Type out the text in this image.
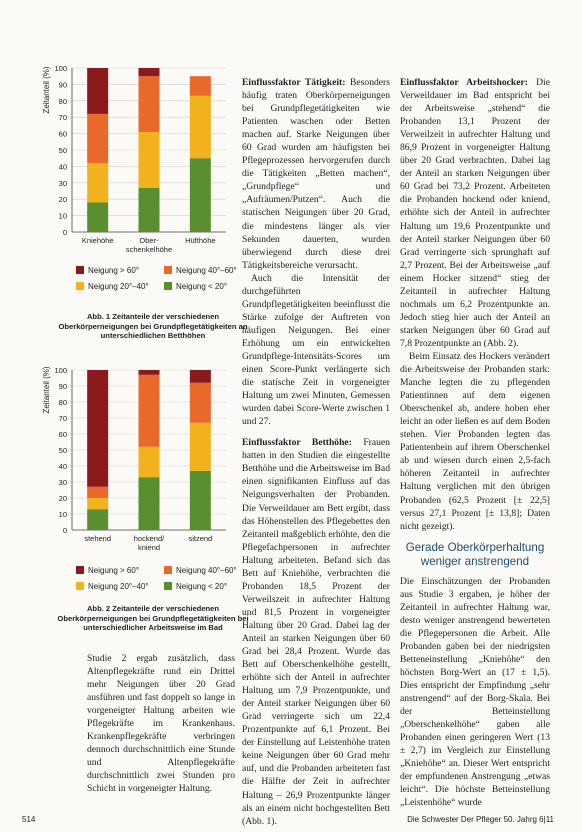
0
10
20
30
40
50
60
70
80
90
100
Zeitanteil (%)
Kniehöhe	Ober-
schenkelhöhe
Hüfthöhe
Neigung > 60°	Neigung 40°–60°
Neigung 20°–40°	Neigung < 20°
Abb. 1 Zeitanteile der verschiedenen Oberkörperneigungen bei Grundpflegetätigkeiten an unterschiedlichen Betthöhen
0
10
20
30
40
50
60
70
80
90
100
Zeitanteil (%)
stehend	hockend/
kniend
sitzend
Neigung > 60°	Neigung 40°–60°
Neigung 20°–40°	Neigung < 20°
Abb. 2 Zeitanteile der verschiedenen Oberkörperneigungen bei Grundpflegetätigkeiten bei unterschiedlicher Arbeitsweise im Bad

Studie 2 ergab zusätzlich, dass Altenpflegekräfte rund ein Drittel mehr Neigungen über 20 Grad ausführen und fast doppelt so lange in vorgeneigter Haltung arbeiten wie Pflegekräfte im Krankenhaus. Krankenpflegekräfte verbringen dennoch durchschnittlich eine Stunde und Altenpflegekräfte durchschnittlich zwei Stunden pro Schicht in vorgeneigter Haltung.

Einflussfaktor Tätigkeit: Besonders häufig traten Oberkörperneigungen bei Grundpflegetätigkeiten wie Patienten waschen oder Betten machen auf. Starke Neigungen über 60 Grad wurden am häufigsten bei Pflegeprozessen hervorgerufen durch die Tätigkeiten „Betten machen“, „Grundpflege“ und „Aufräumen/Putzen“. Auch die statischen Neigungen über 20 Grad, die mindestens länger als vier Sekunden dauerten, wurden überwiegend durch diese drei Tätigkeitsbereiche verursacht.

Auch die Intensität der durchgeführten Grundpflegetätigkeiten beeinflusst die Stärke zufolge der Auftreten von häufigen Neigungen. Bei einer Erhöhung um ein entwickelten Grundpflege-Intensitäts-Scores um einen Score-Punkt verlängerte sich die statische Zeit in vorgeneigter Haltung um zwei Minuten, Gemessen wurden dabei Score-Werte zwischen 1 und 27.

Einflussfaktor Betthöhe: Frauen hatten in den Studien die eingestellte Betthöhe und die Arbeitsweise im Bad einen signifikanten Einfluss auf das Neigungsverhalten der Probanden. Die Verweildauer am Bett ergibt, dass das Höhenstellen des Pflegebettes den Zeitanteil maßgeblich erhöhte, den die Pflegefachpersonen in aufrechter Haltung arbeiteten. Befand sich das Bett auf Kniehöhe, verbrachten die Probanden 18,5 Prozent der Verweilszeit in aufrechter Haltung und 81,5 Prozent in vorgeneigter Haltung über 20 Grad. Dabei lag der Anteil an starken Neigungen über 60 Grad bei 28,4 Prozent. Wurde das Bett auf Oberschenkelhöhe gestellt, erhöhte sich der Anteil in aufrechter Haltung um 7,9 Prozentpunkte, und der Anteil starker Neigungen über 60 Grad verringerte sich um 22,4 Prozentpunkte auf 6,1 Prozent. Bei der Einstellung auf Leistenhöhe traten keine Neigungen über 60 Grad mehr auf, und die Probanden arbeiteten fast die Hälfte der Zeit in aufrechter Haltung – 26,9 Prozentpunkte länger als an einem nicht hochgestellten Bett (Abb. 1).

Einflussfaktor Arbeitshocker: Die Verweildauer im Bad entspricht bei der Arbeitsweise „stehend“ die Probanden 13,1 Prozent der Verweilzeit in aufrechter Haltung und 86,9 Prozent in vorgeneigter Haltung über 20 Grad verbrachten. Dabei lag der Anteil an starken Neigungen über 60 Grad bei 73,2 Prozent. Arbeiteten die Probanden hockend oder kniend, erhöhte sich der Anteil in aufrechter Haltung um 19,6 Prozentpunkte und der Anteil starker Neigungen über 60 Grad verringerte sich sprunghaft auf 2,7 Prozent. Bei der Arbeitsweise „auf einem Hocker sitzend“ stieg der Zeitanteil in aufrechter Haltung nochmals um 6,2 Prozentpunkte an. Jedoch stieg hier auch der Anteil an starken Neigungen über 60 Grad auf 7,8 Prozentpunkte an (Abb. 2).

Beim Einsatz des Hockers verändert die Arbeitsweise der Probanden stark: Manche legten die zu pflegenden Patientinnen auf dem eigenen Oberschenkel ab, andere hoben eher leicht an oder ließen es auf dem Boden stehen. Vier Probanden legten das Patientenbein auf ihrem Oberschenkel ab und wiesen durch einen 2,5-fach höheren Zeitanteil in aufrechter Haltung verglichen mit den übrigen Probanden (62,5 Prozent [± 22,5] versus 27,1 Prozent [± 13,8]; Daten nicht gezeigt).

Gerade Oberkörperhaltung weniger anstrengend

Die Einschätzungen der Probanden aus Studie 3 ergaben, je höher der Zeitanteil in aufrechter Haltung war, desto weniger anstrengend bewerteten die Pflegepersonen die Arbeit. Alle Probanden gaben bei der niedrigsten Betteneinstellung „Kniehöhe“ den höchsten Borg-Wert an (17 ± 1,5). Dies entspricht der Empfindung „sehr anstrengend“ auf der Borg-Skala. Bei der Betteinstellung „Oberschenkelhöhe“ gaben alle Probanden einen geringeren Wert (13 ± 2,7) im Vergleich zur Einstellung „Kniehöhe“ an. Dieser Wert entspricht der empfundenen Anstrengung „etwas leicht“. Die höchste Betteinstellung „Leistenhöhe“ wurde

514	Die Schwester Der Pfleger 50. Jahrg 6|11
